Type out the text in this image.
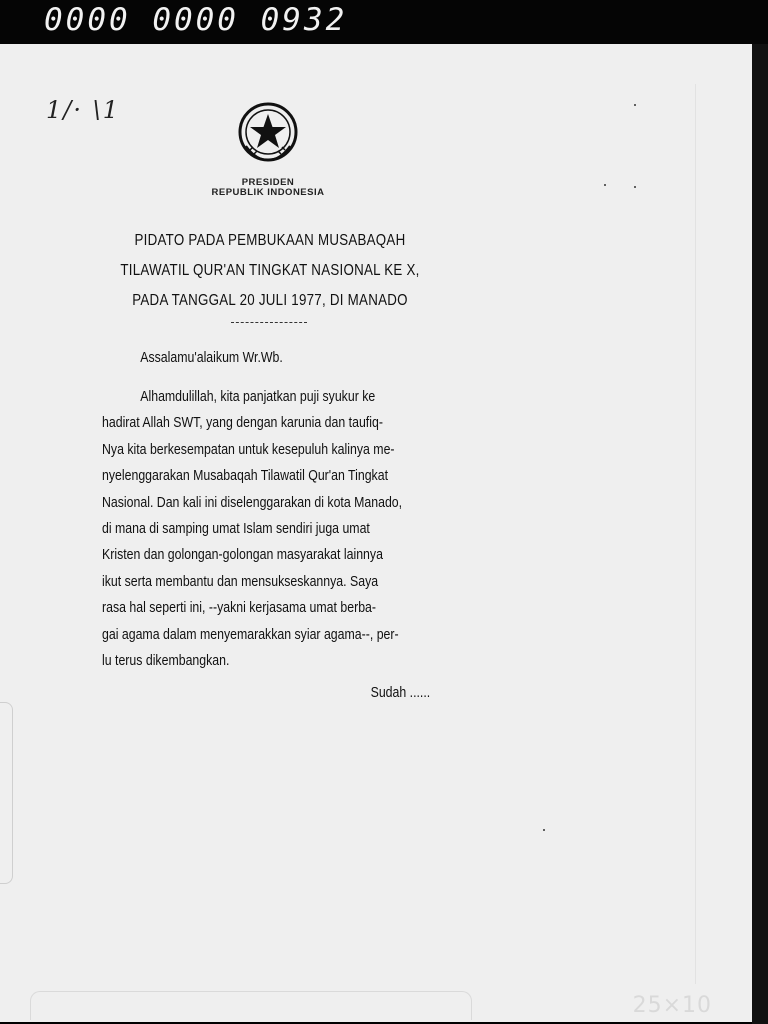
0000 0000 0932
1/· \1
PRESIDEN
REPUBLIK INDONESIA
PIDATO PADA PEMBUKAAN MUSABAQAH
TILAWATIL QUR'AN TINGKAT NASIONAL KE X,
PADA TANGGAL 20 JULI 1977, DI MANADO

Assalamu'alaikum Wr.Wb.

Alhamdulillah, kita panjatkan puji syukur ke
hadirat Allah SWT, yang dengan karunia dan taufiq-
Nya kita berkesempatan untuk kesepuluh kalinya me-
nyelenggarakan Musabaqah Tilawatil Qur'an Tingkat
Nasional. Dan kali ini diselenggarakan di kota Manado,
di mana di samping umat Islam sendiri juga umat
Kristen dan golongan-golongan masyarakat lainnya
ikut serta membantu dan mensukseskannya. Saya
rasa hal seperti ini, --yakni kerjasama umat berba-
gai agama dalam menyemarakkan syiar agama--, per-
lu terus dikembangkan.

Sudah ......

25×10
